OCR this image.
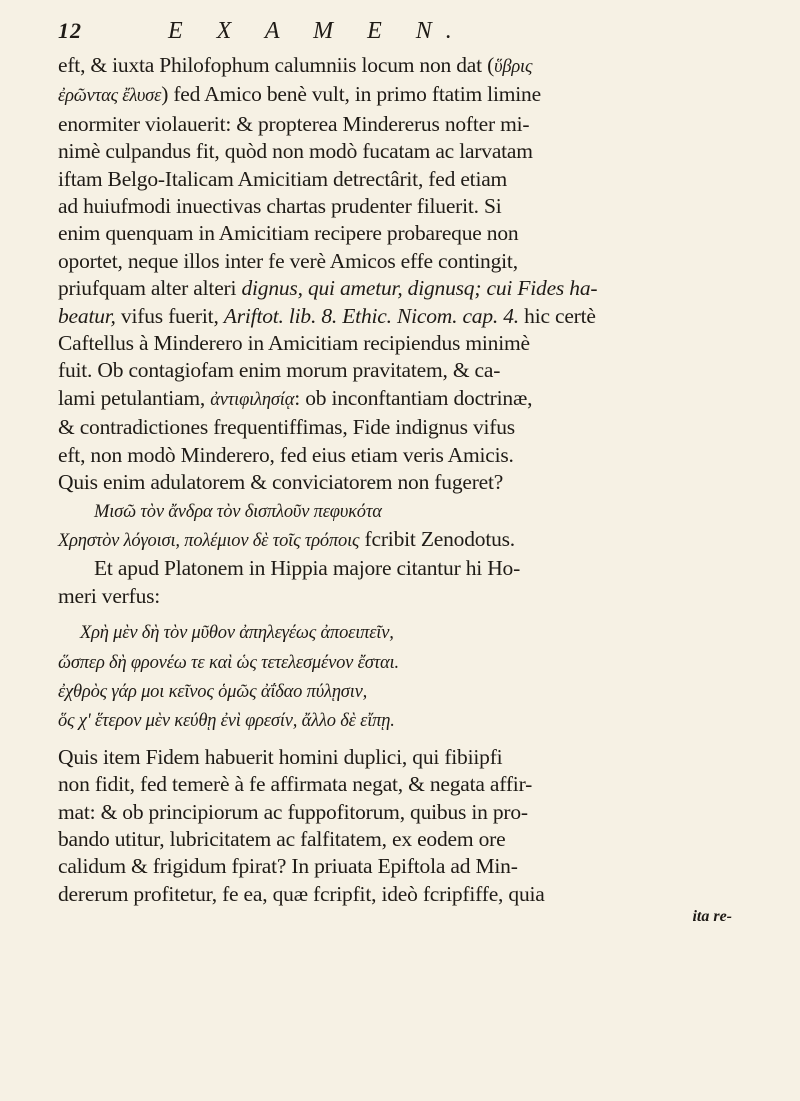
12	E X A M E N.
eft, & iuxta Philofophum calumniis locum non dat (ὕβρις
ἐρῶντας ἔλυσε) fed Amico benè vult, in primo ftatim limine
enormiter violauerit: & propterea Mindererus nofter mi-
nimè culpandus fit, quòd non modò fucatam ac larvatam
iftam Belgo-Italicam Amicitiam detrectârit, fed etiam
ad huiufmodi inuectivas chartas prudenter filuerit. Si
enim quenquam in Amicitiam recipere probareque non
oportet, neque illos inter fe verè Amicos effe contingit,
priufquam alter alteri dignus, qui ametur, dignusq; cui Fides ha-
beatur, vifus fuerit, Ariftot. lib. 8. Ethic. Nicom. cap. 4. hic certè
Caftellus à Minderero in Amicitiam recipiendus minimè
fuit. Ob contagiofam enim morum pravitatem, & ca-
lami petulantiam, ἀντιφιλησίᾳ: ob inconftantiam doctrinæ,
& contradictiones frequentiffimas, Fide indignus vifus
eft, non modò Minderero, fed eius etiam veris Amicis.
Quis enim adulatorem & conviciatorem non fugeret?
Μισῶ τὸν ἄνδρα τὸν δισπλοῦν πεφυκότα
Χρηστὸν λόγοισι, πολέμιον δὲ τοῖς τρόποις fcribit Zenodotus.
Et apud Platonem in Hippia majore citantur hi Ho-
meri verfus:
Χρὴ μὲν δὴ τὸν μῦθον ἀπηλεγέως ἀποειπεῖν,
ὥσπερ δὴ φρονέω τε καὶ ὡς τετελεσμένον ἔσται.
ἐχθρὸς γάρ μοι κεῖνος ὁμῶς ἀΐδαο πύλῃσιν,
ὅς χ' ἕτερον μὲν κεύθῃ ἐνὶ φρεσίν, ἄλλο δὲ εἴπῃ.
Quis item Fidem habuerit homini duplici, qui fibiipfi
non fidit, fed temerè à fe affirmata negat, & negata affir-
mat: & ob principiorum ac fuppofitorum, quibus in pro-
bando utitur, lubricitatem ac falfitatem, ex eodem ore
calidum & frigidum fpirat? In priuata Epiftola ad Min-
dererum profitetur, fe ea, quæ fcripfit, ideò fcripfiffe, quia
ita re-
